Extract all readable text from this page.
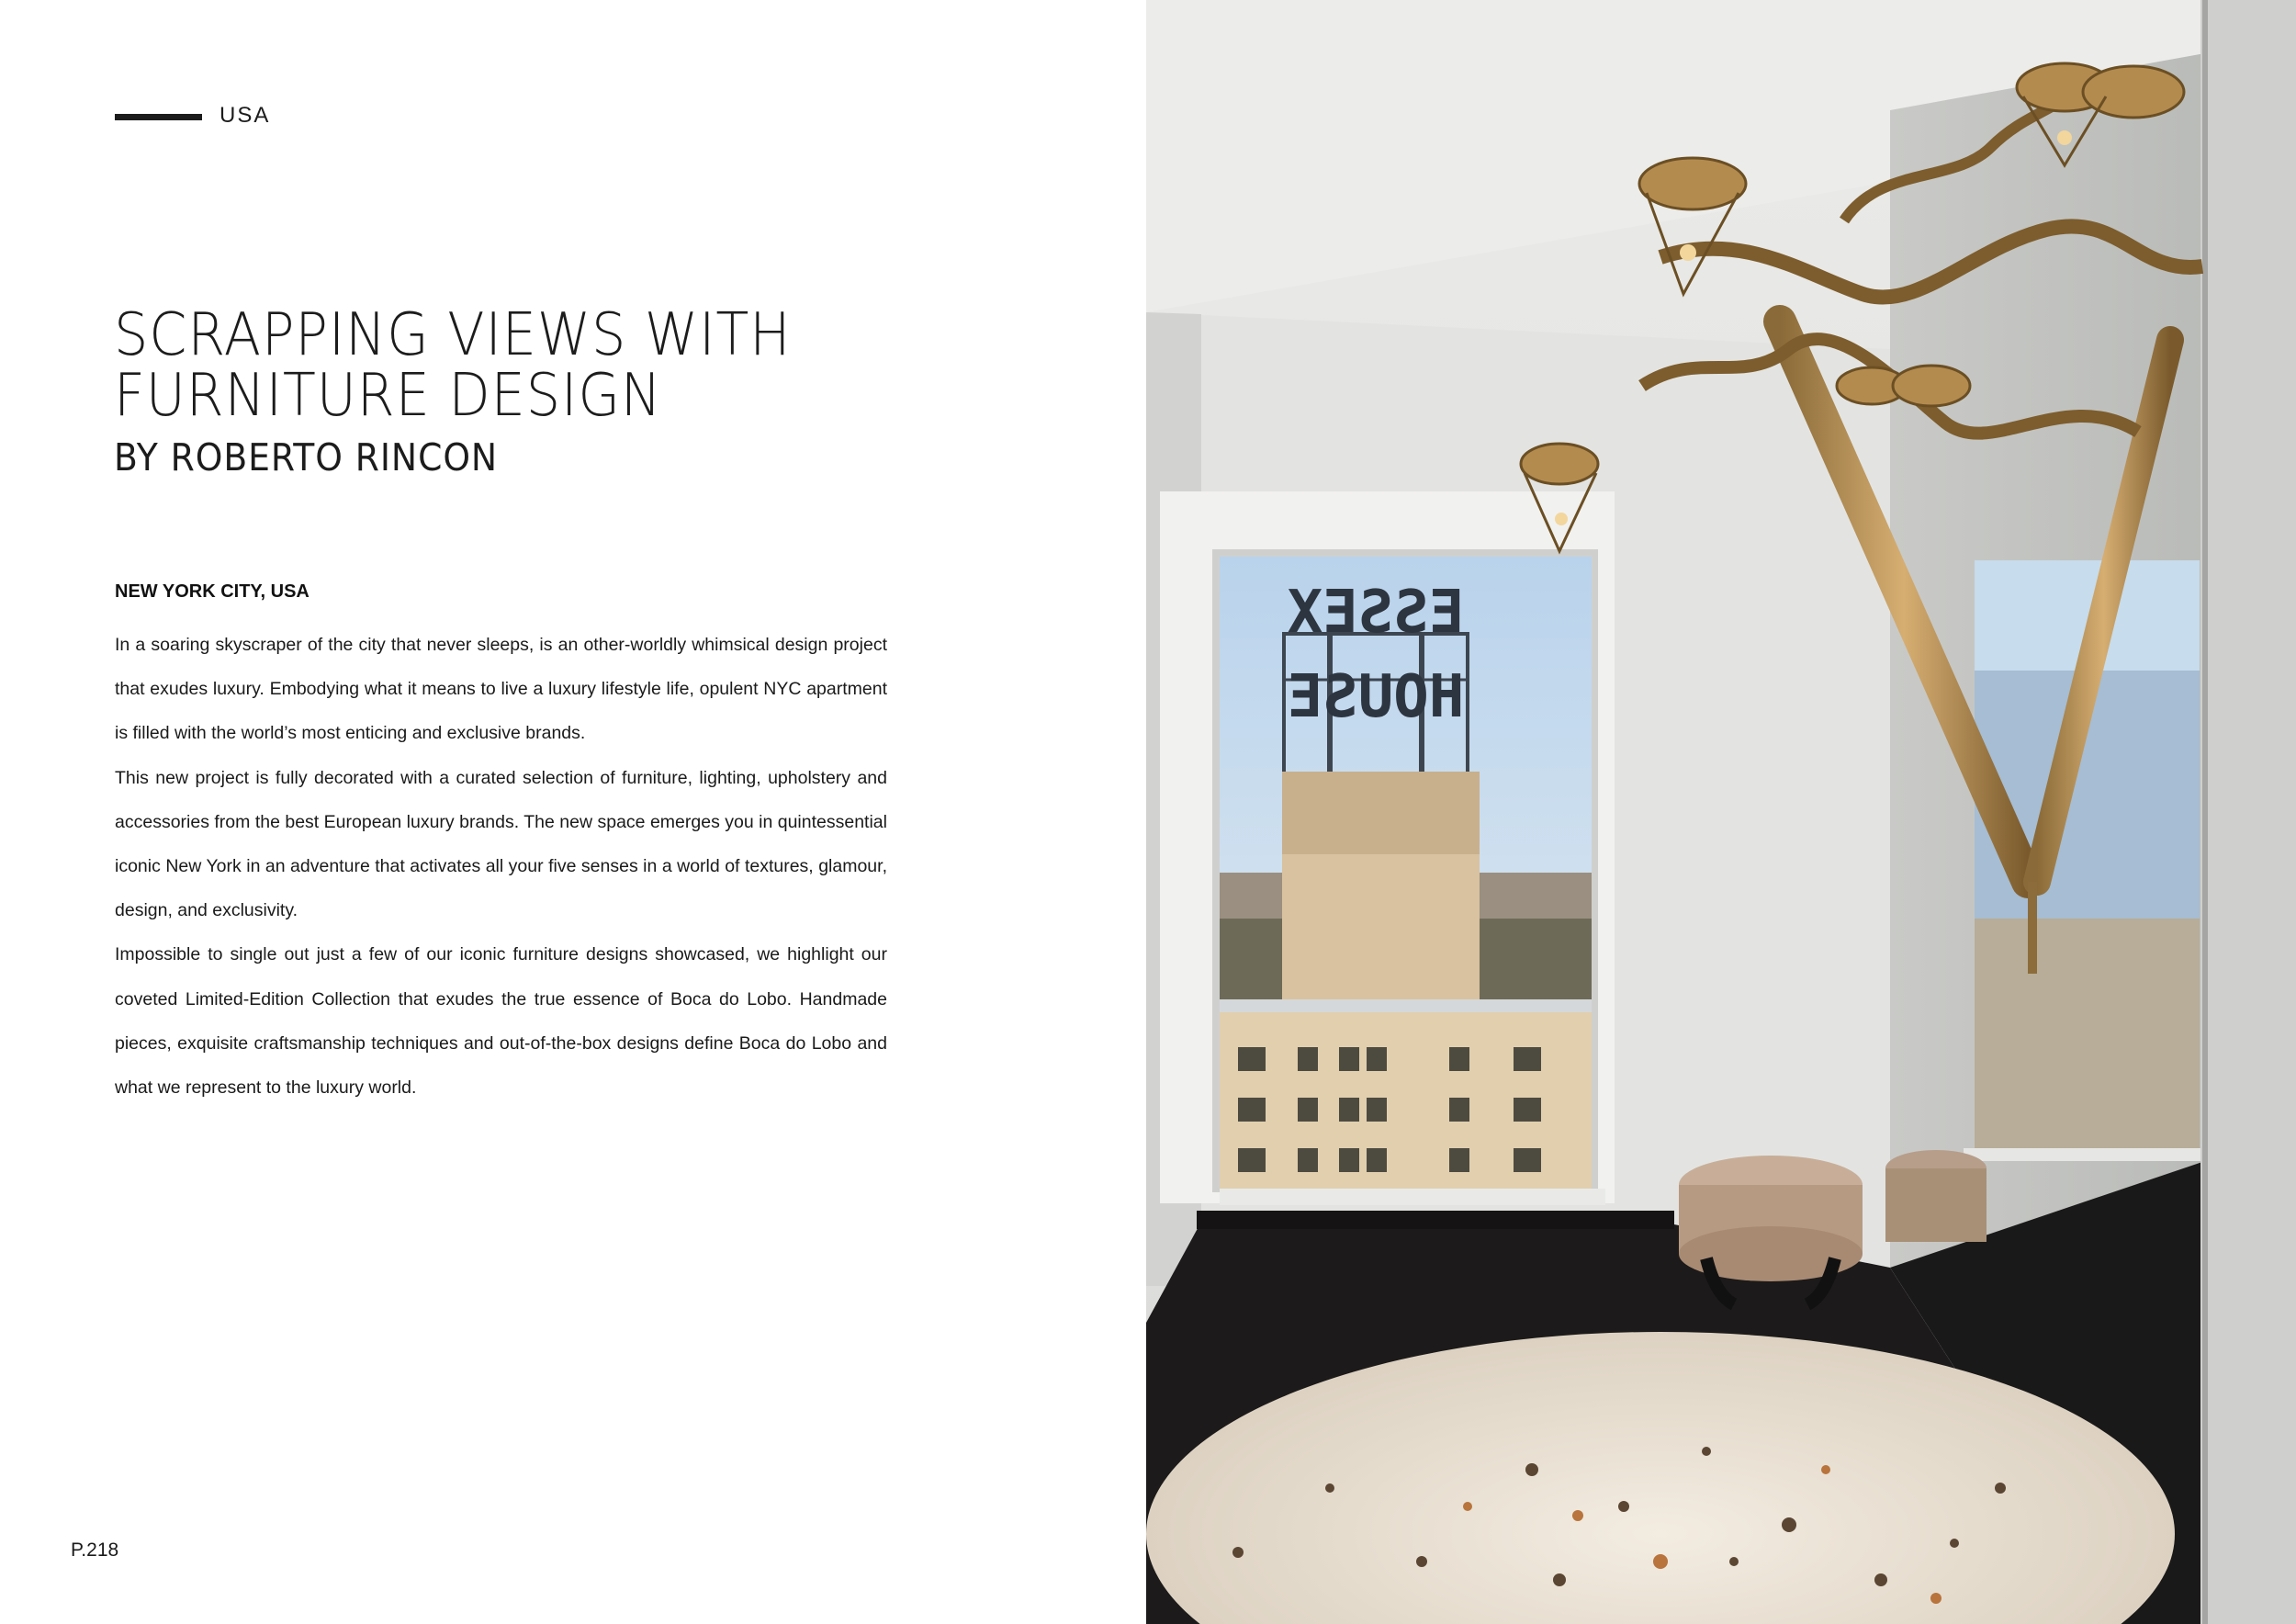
USA
SCRAPPING VIEWS WITH
FURNITURE DESIGN
BY ROBERTO RINCON
NEW YORK CITY, USA

In a soaring skyscraper of the city that never sleeps, is an other-worldly whimsical design project that exudes luxury. Embodying what it means to live a luxury lifestyle life, opulent NYC apartment is filled with the world’s most enticing and exclusive brands.

This new project is fully decorated with a curated selection of furniture, lighting, upholstery and accessories from the best European luxury brands. The new space emerges you in quintessential iconic New York in an adventure that activates all your five senses in a world of textures, glamour, design, and exclusivity.

Impossible to single out just a few of our iconic furniture designs showcased, we highlight our coveted Limited-Edition Collection that exudes the true essence of Boca do Lobo. Handmade pieces, exquisite craftsmanship techniques and out-of-the-box designs define Boca do Lobo and what we represent to the luxury world.

P.218
ESSEX
HOUSE
